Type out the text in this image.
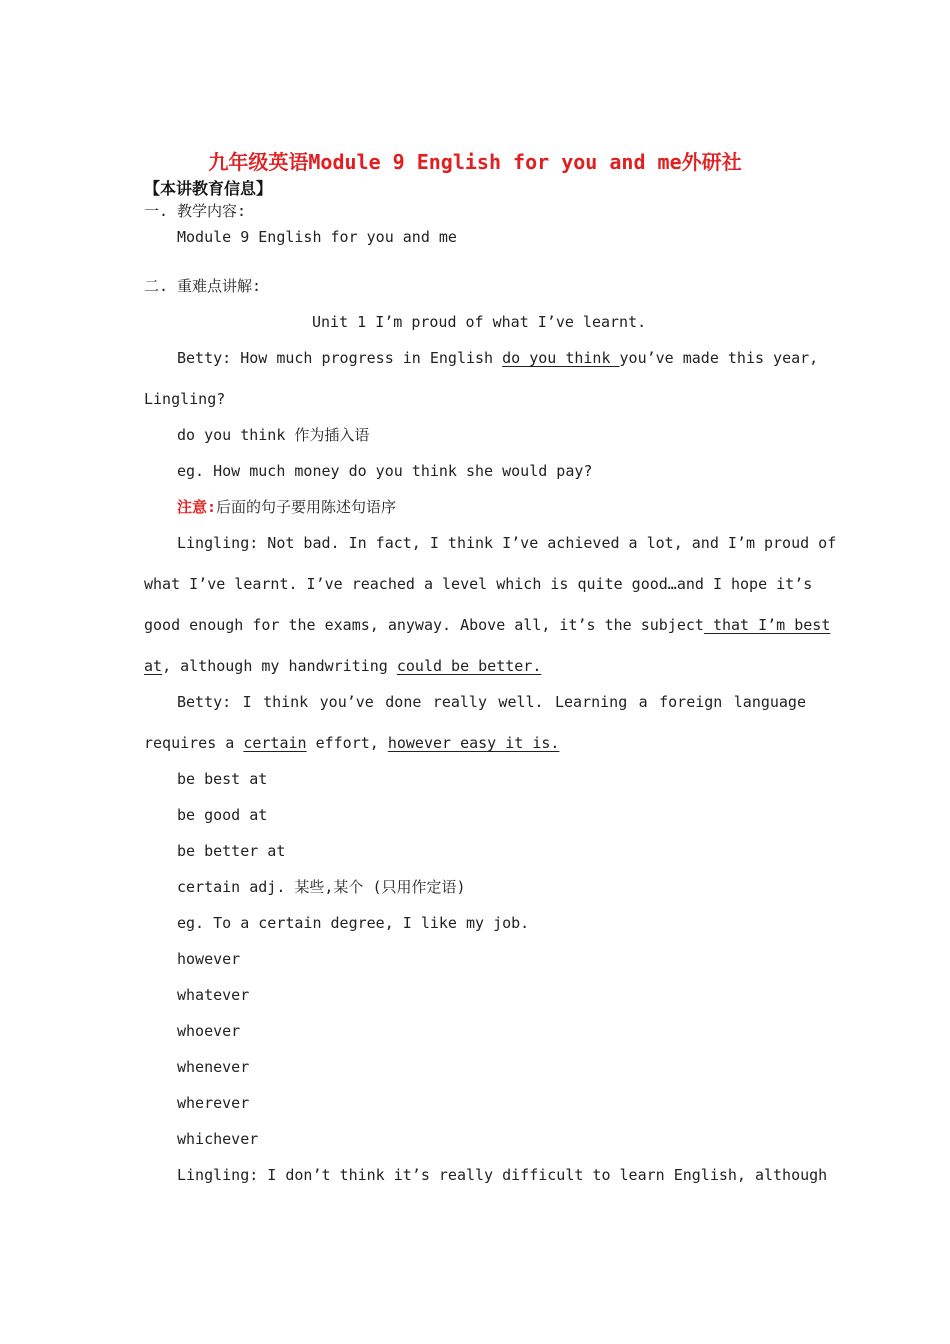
九年级英语Module 9 English for you and me外研社
【本讲教育信息】
一. 教学内容:
Module 9 English for you and me
二. 重难点讲解:
Unit 1 I’m proud of what I’ve learnt.
Betty: How much progress in English do you think you’ve made this year,
Lingling?
do you think 作为插入语
eg. How much money do you think she would pay?
注意:后面的句子要用陈述句语序
Lingling: Not bad. In fact, I think I’ve achieved a lot, and I’m proud of
what I’ve learnt. I’ve reached a level which is quite good…and I hope it’s
good enough for the exams, anyway. Above all, it’s the subject that I’m best
at, although my handwriting could be better.
Betty: I think you’ve done really well. Learning a foreign language
requires a certain effort, however easy it is.
be best at
be good at
be better at
certain adj. 某些,某个 (只用作定语)
eg. To a certain degree, I like my job.
however
whatever
whoever
whenever
wherever
whichever
Lingling: I don’t think it’s really difficult to learn English, although
